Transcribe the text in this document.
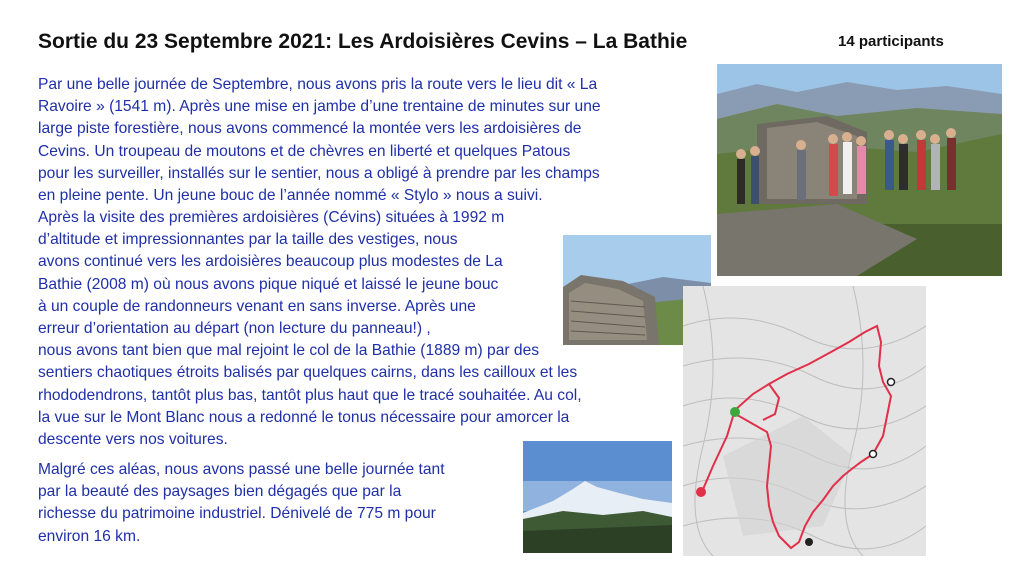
Sortie du 23 Septembre 2021: Les Ardoisières Cevins – La Bathie	14 participants
Par une belle journée de Septembre, nous avons pris la route vers le lieu dit « La
Ravoire » (1541 m). Après une mise en jambe d’une trentaine de minutes sur une
large piste forestière, nous avons commencé la montée vers les ardoisières de
Cevins. Un troupeau de moutons et de chèvres en liberté et quelques Patous
pour les surveiller, installés sur le sentier, nous a obligé à prendre par les champs
en pleine pente. Un jeune bouc de l’année nommé « Stylo » nous a suivi.
Après la visite des premières ardoisières (Cévins) situées à 1992 m
d’altitude et impressionnantes par la taille des vestiges, nous
avons continué vers les ardoisières beaucoup plus modestes de La
Bathie (2008 m) où nous avons pique niqué et laissé le jeune bouc
à un couple de randonneurs venant en sans inverse. Après une
erreur d’orientation au départ (non lecture du panneau!) ,
nous avons tant bien que mal rejoint le col de la Bathie (1889 m) par des
sentiers chaotiques étroits balisés par quelques cairns, dans les cailloux et les
rhododendrons, tantôt plus bas, tantôt plus haut que le tracé souhaitée. Au col,
la vue sur le Mont Blanc nous a redonné le tonus nécessaire pour amorcer la
descente vers nos voitures.
Malgré ces aléas, nous avons passé une belle journée tant
par la beauté des paysages bien dégagés que par la
richesse du patrimoine industriel. Dénivelé de 775 m pour
environ 16 km.
